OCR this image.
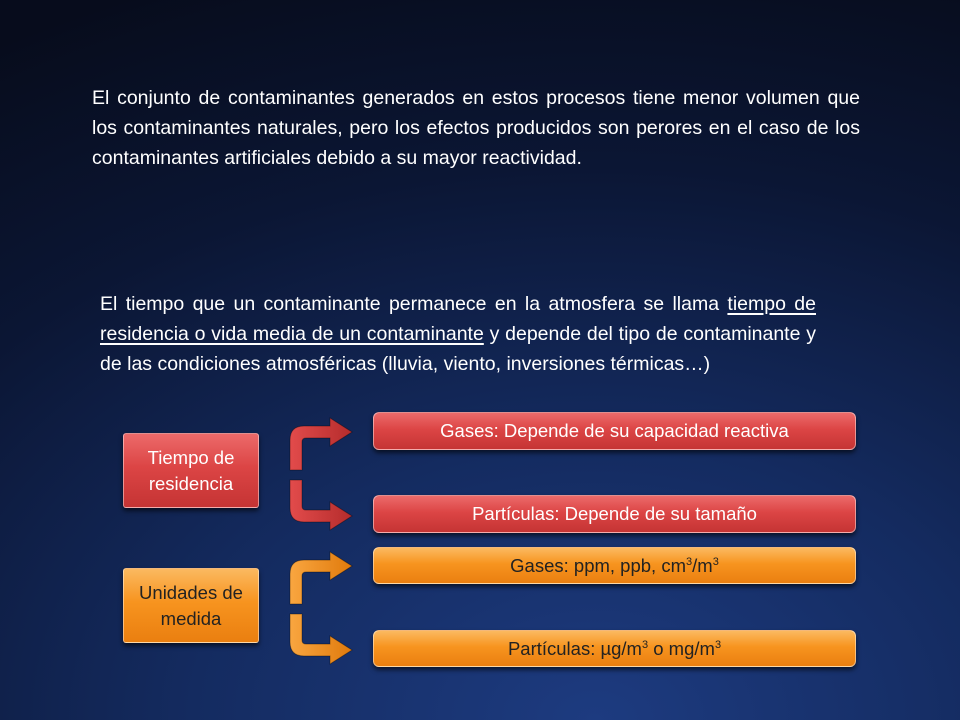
El conjunto de contaminantes generados en estos procesos tiene menor volumen que los contaminantes naturales, pero los efectos producidos son perores en el caso de los contaminantes artificiales debido a su mayor reactividad.
El tiempo que un contaminante permanece en la atmosfera se llama tiempo de residencia o vida media de un contaminante y depende del tipo de contaminante y de las condiciones atmosféricas (lluvia, viento, inversiones térmicas…)
Tiempo de residencia
Gases: Depende de su capacidad reactiva
Partículas: Depende de su tamaño
Unidades de medida
Gases: ppm, ppb, $cm^3/m^3$
Partículas: $\mu g/m^3$ o $mg/m^3$
